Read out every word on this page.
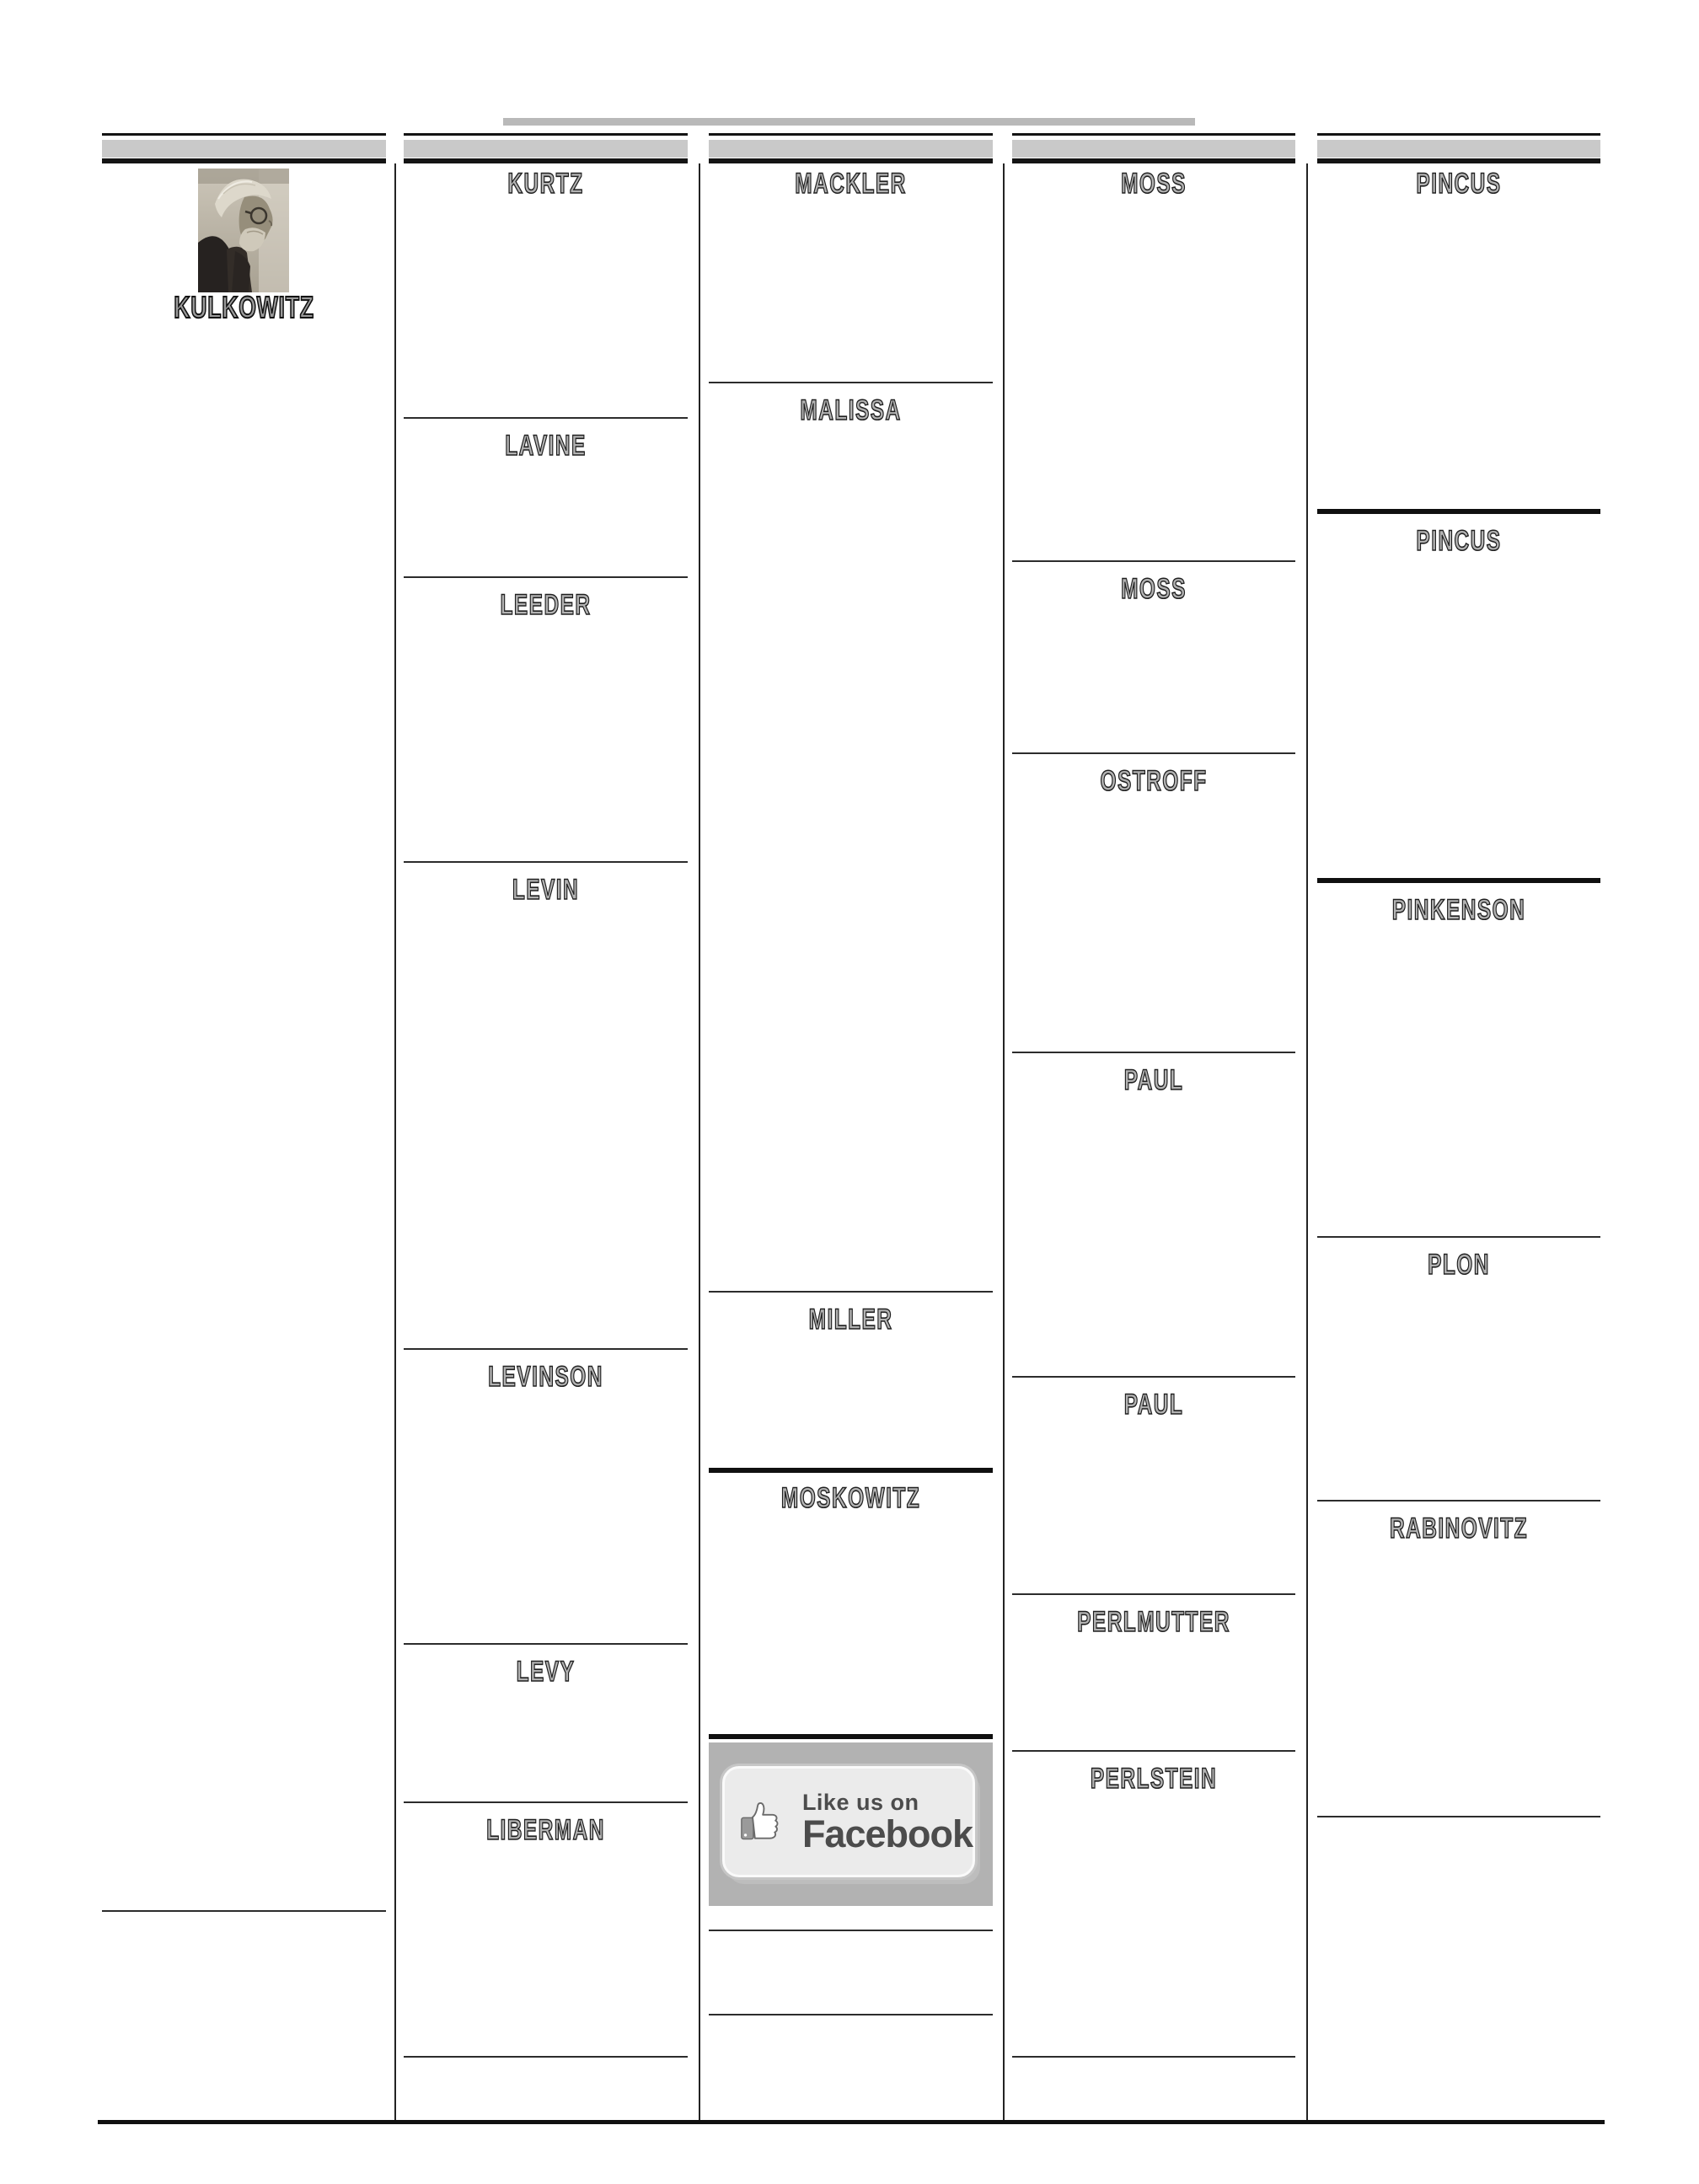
KULKOWITZ
KURTZ
LAVINE
LEEDER
LEVIN
LEVINSON
LEVY
LIBERMAN
Like us on
Facebook
MACKLER
MALISSA
MILLER
MOSKOWITZ
MOSS
MOSS
OSTROFF
PAUL
PAUL
PERLMUTTER
PERLSTEIN
PINCUS
PINCUS
PINKENSON
PLON
RABINOVITZ
